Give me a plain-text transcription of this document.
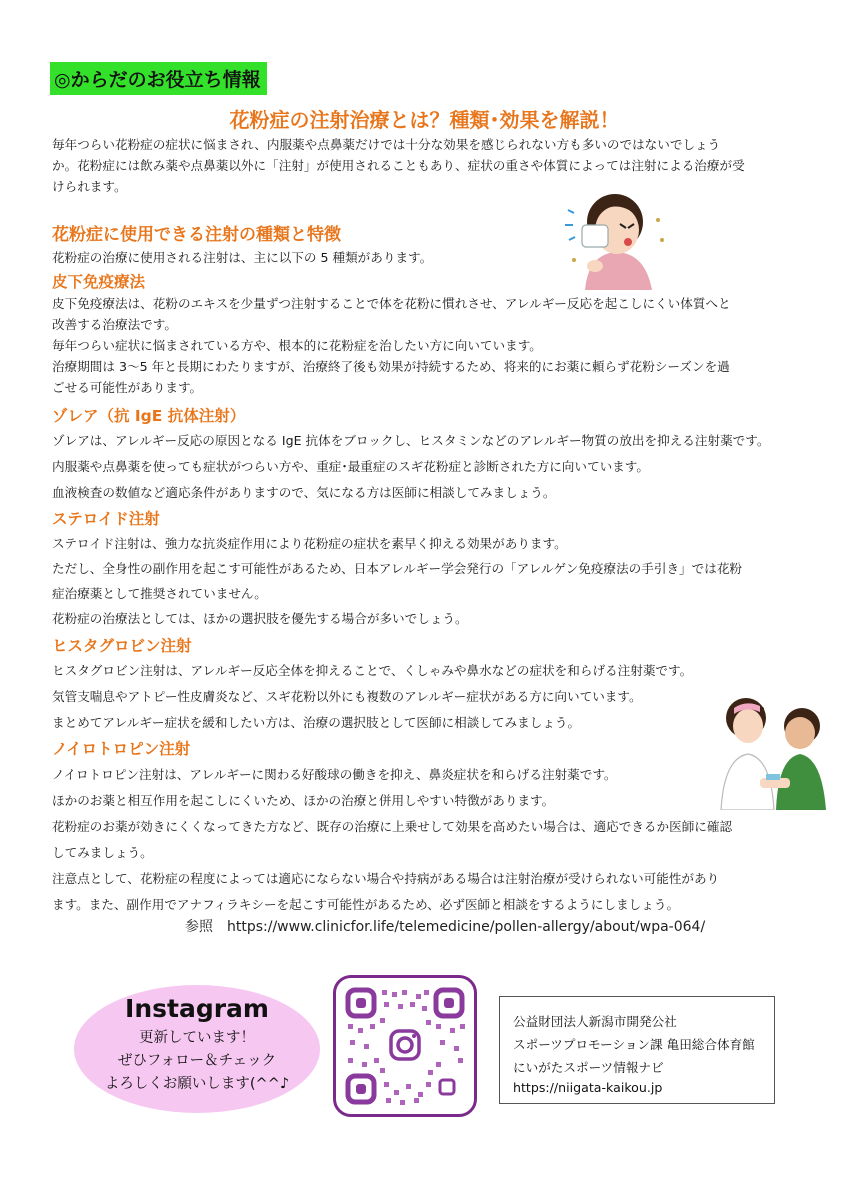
◎からだのお役立ち情報
花粉症の注射治療とは？種類･効果を解説！
毎年つらい花粉症の症状に悩まされ、内服薬や点鼻薬だけでは十分な効果を感じられない方も多いのではないでしょう
か。花粉症には飲み薬や点鼻薬以外に「注射」が使用されることもあり、症状の重さや体質によっては注射による治療が受
けられます。
花粉症に使用できる注射の種類と特徴
花粉症の治療に使用される注射は、主に以下の 5 種類があります。
皮下免疫療法
皮下免疫療法は、花粉のエキスを少量ずつ注射することで体を花粉に慣れさせ、アレルギー反応を起こしにくい体質へと
改善する治療法です。
毎年つらい症状に悩まされている方や、根本的に花粉症を治したい方に向いています。
治療期間は 3～5 年と長期にわたりますが、治療終了後も効果が持続するため、将来的にお薬に頼らず花粉シーズンを過
ごせる可能性があります。
ゾレア（抗 IgE 抗体注射）
ゾレアは、アレルギー反応の原因となる IgE 抗体をブロックし、ヒスタミンなどのアレルギー物質の放出を抑える注射薬です。
内服薬や点鼻薬を使っても症状がつらい方や、重症･最重症のスギ花粉症と診断された方に向いています。
血液検査の数値など適応条件がありますので、気になる方は医師に相談してみましょう。
ステロイド注射
ステロイド注射は、強力な抗炎症作用により花粉症の症状を素早く抑える効果があります。
ただし、全身性の副作用を起こす可能性があるため、日本アレルギー学会発行の「アレルゲン免疫療法の手引き」では花粉
症治療薬として推奨されていません。
花粉症の治療法としては、ほかの選択肢を優先する場合が多いでしょう。
ヒスタグロビン注射
ヒスタグロビン注射は、アレルギー反応全体を抑えることで、くしゃみや鼻水などの症状を和らげる注射薬です。
気管支喘息やアトピー性皮膚炎など、スギ花粉以外にも複数のアレルギー症状がある方に向いています。
まとめてアレルギー症状を緩和したい方は、治療の選択肢として医師に相談してみましょう。
ノイロトロピン注射
ノイロトロピン注射は、アレルギーに関わる好酸球の働きを抑え、鼻炎症状を和らげる注射薬です。
ほかのお薬と相互作用を起こしにくいため、ほかの治療と併用しやすい特徴があります。
花粉症のお薬が効きにくくなってきた方など、既存の治療に上乗せして効果を高めたい場合は、適応できるか医師に確認
してみましょう。
注意点として、花粉症の程度によっては適応にならない場合や持病がある場合は注射治療が受けられない可能性があり
ます。また、副作用でアナフィラキシーを起こす可能性があるため、必ず医師と相談をするようにしましょう。
参照 https://www.clinicfor.life/telemedicine/pollen-allergy/about/wpa-064/
Instagram
更新しています！
ぜひフォロー＆チェック
よろしくお願いします(^^♪
公益財団法人新潟市開発公社
スポーツプロモーション課 亀田総合体育館
にいがたスポーツ情報ナビ
https://niigata-kaikou.jp
